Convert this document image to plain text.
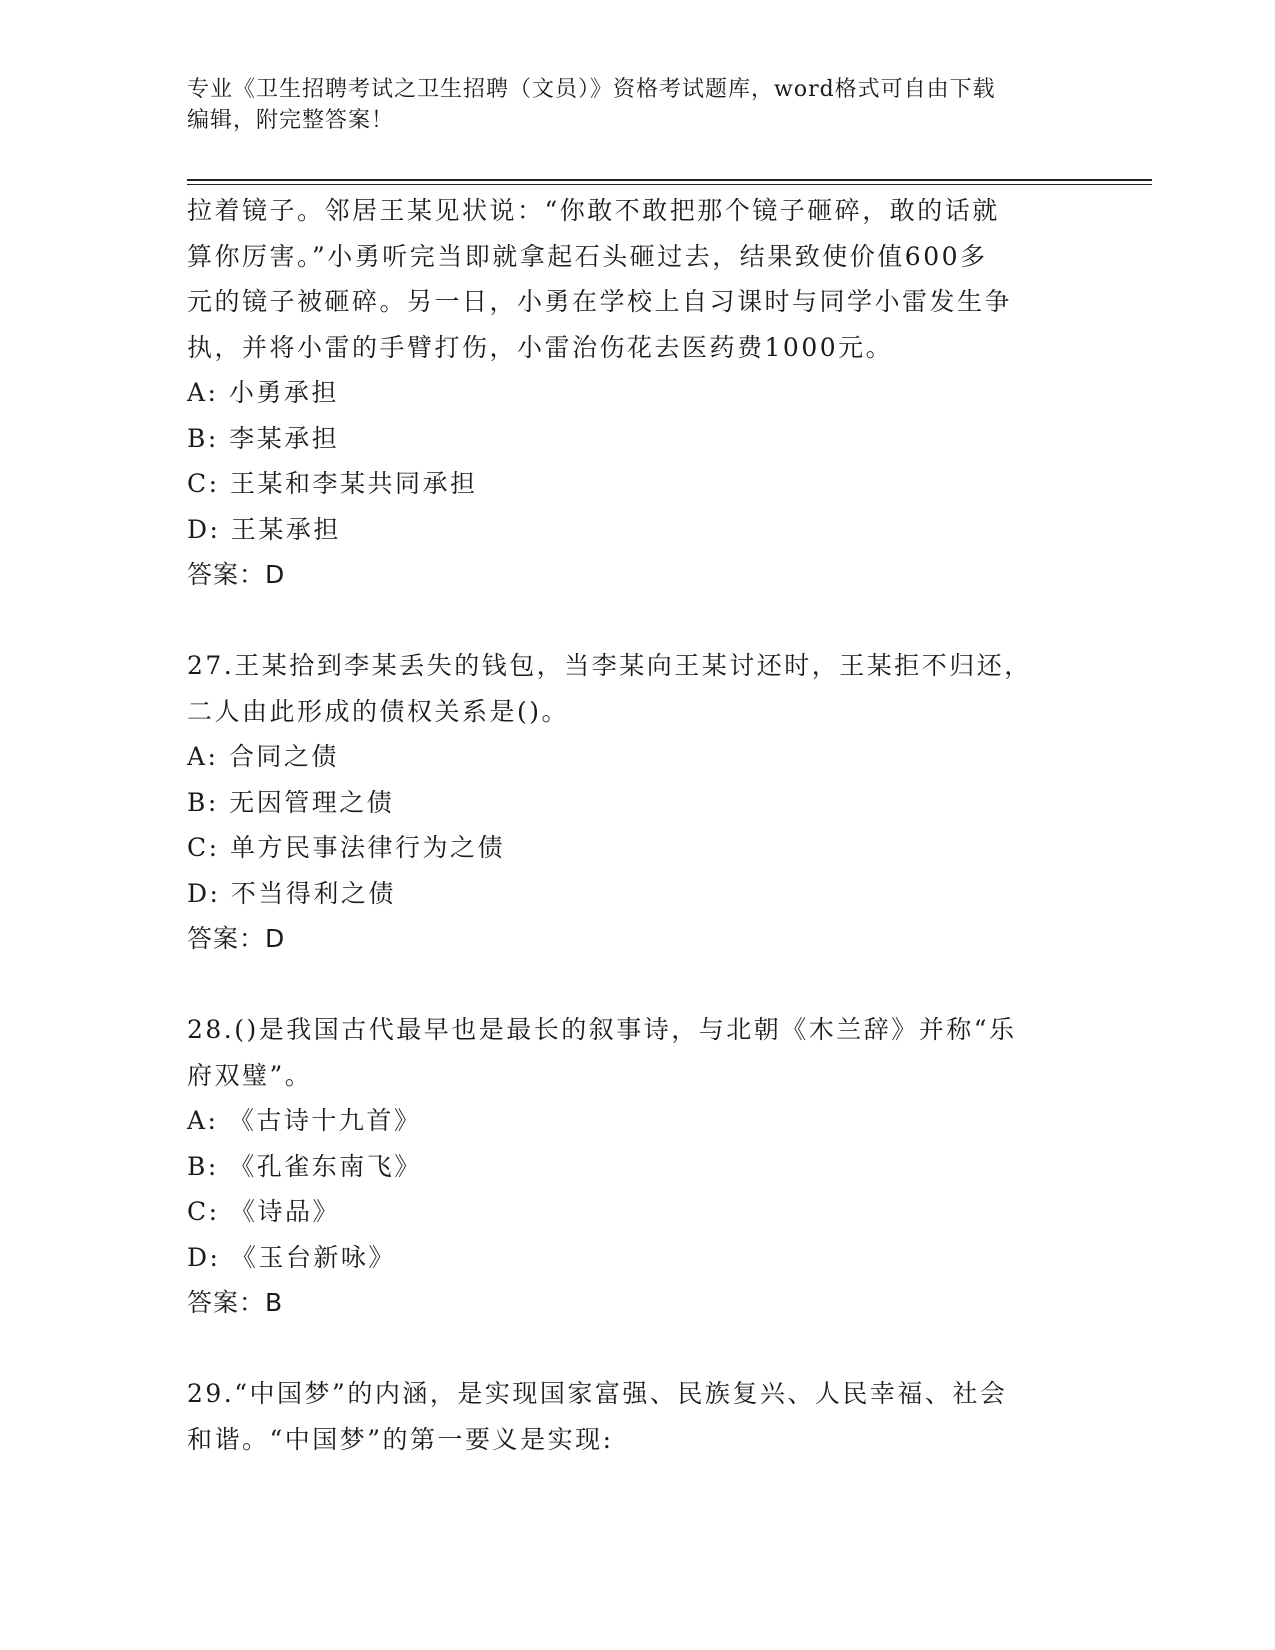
专业《卫生招聘考试之卫生招聘（文员）》资格考试题库，word格式可自由下载
编辑，附完整答案！
拉着镜子。邻居王某见状说：“你敢不敢把那个镜子砸碎，敢的话就
算你厉害。”小勇听完当即就拿起石头砸过去，结果致使价值600多
元的镜子被砸碎。另一日，小勇在学校上自习课时与同学小雷发生争
执，并将小雷的手臂打伤，小雷治伤花去医药费1000元。
A: 小勇承担
B: 李某承担
C: 王某和李某共同承担
D: 王某承担
答案：D
27.王某拾到李某丢失的钱包，当李某向王某讨还时，王某拒不归还，
二人由此形成的债权关系是()。
A: 合同之债
B: 无因管理之债
C: 单方民事法律行为之债
D: 不当得利之债
答案：D
28.()是我国古代最早也是最长的叙事诗，与北朝《木兰辞》并称“乐
府双璧”。
A: 《古诗十九首》
B: 《孔雀东南飞》
C: 《诗品》
D: 《玉台新咏》
答案：B
29.“中国梦”的内涵，是实现国家富强、民族复兴、人民幸福、社会
和谐。“中国梦”的第一要义是实现:
